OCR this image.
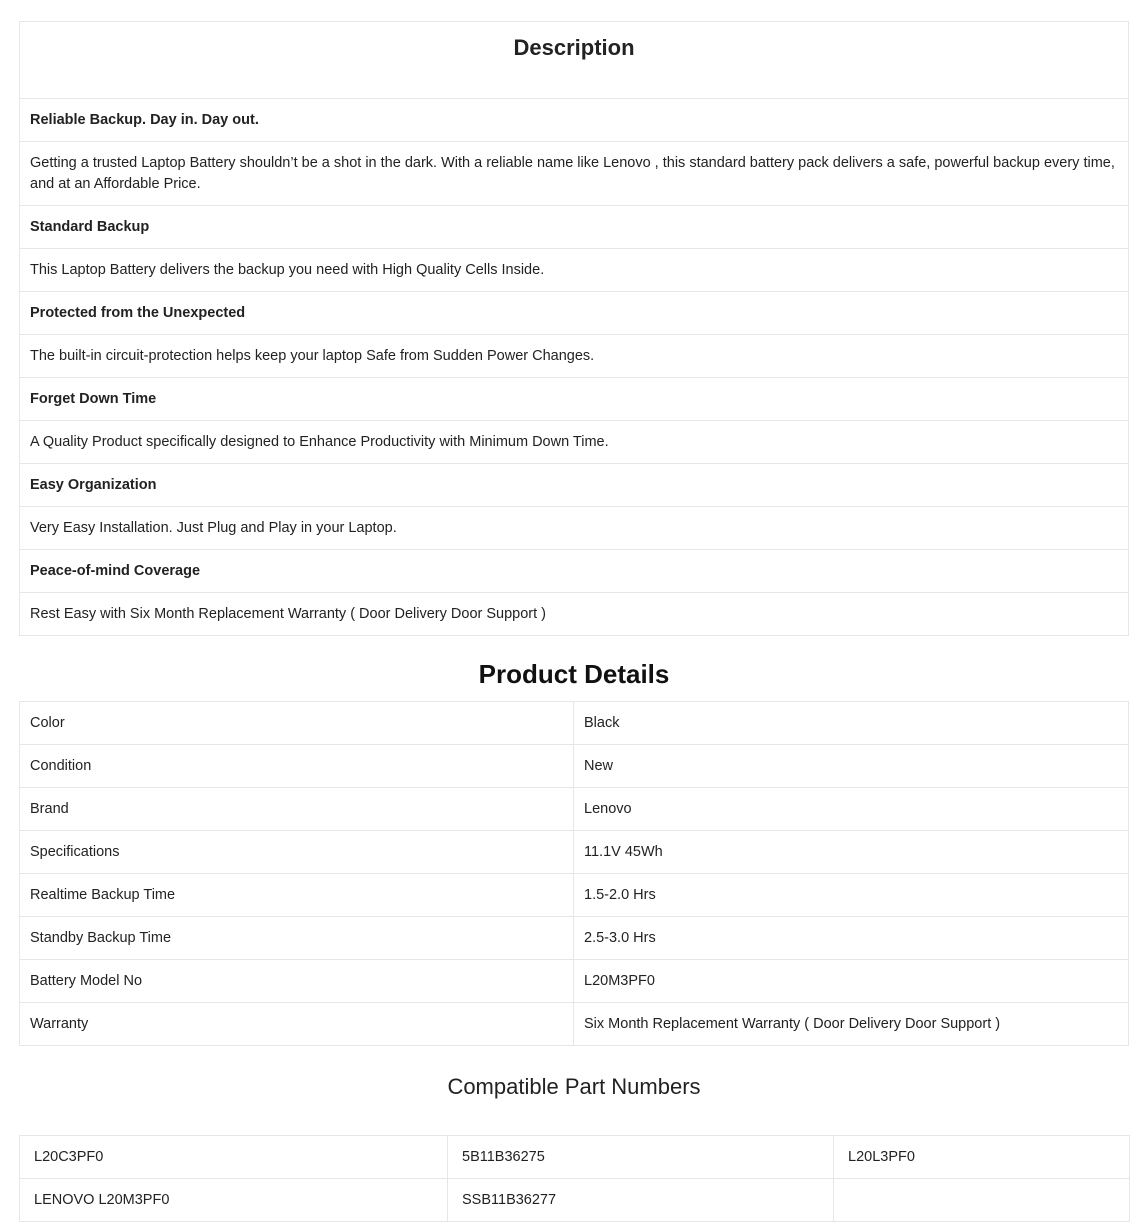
Description
Reliable Backup. Day in. Day out.
Getting a trusted Laptop Battery shouldn’t be a shot in the dark. With a reliable name like Lenovo , this standard battery pack delivers a safe, powerful backup every time, and at an Affordable Price.
Standard Backup
This Laptop Battery delivers the backup you need with High Quality Cells Inside.
Protected from the Unexpected
The built-in circuit-protection helps keep your laptop Safe from Sudden Power Changes.
Forget Down Time
A Quality Product specifically designed to Enhance Productivity with Minimum Down Time.
Easy Organization
Very Easy Installation. Just Plug and Play in your Laptop.
Peace-of-mind Coverage
Rest Easy with Six Month Replacement Warranty ( Door Delivery Door Support )
Product Details
Color	Black
Condition	New
Brand	Lenovo
Specifications	11.1V 45Wh
Realtime Backup Time	1.5-2.0 Hrs
Standby Backup Time	2.5-3.0 Hrs
Battery Model No	L20M3PF0
Warranty	Six Month Replacement Warranty ( Door Delivery Door Support )
Compatible Part Numbers
L20C3PF0	5B11B36275	L20L3PF0
LENOVO L20M3PF0	SSB11B36277	
